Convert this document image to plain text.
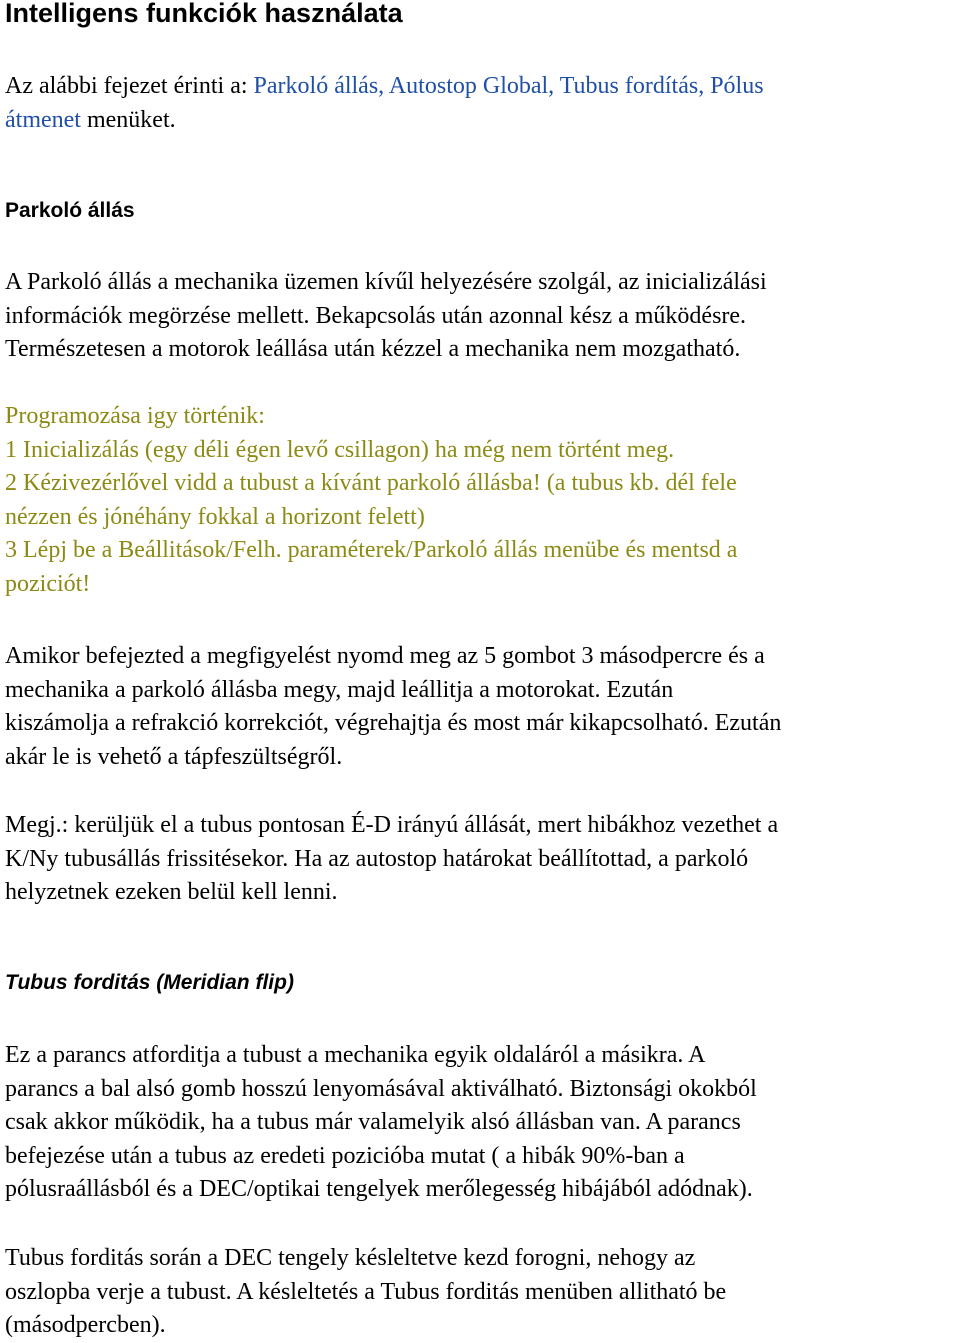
Intelligens funkciók használata
Az alábbi fejezet érinti a: Parkoló állás, Autostop Global, Tubus fordítás, Pólus
átmenet menüket.
Parkoló állás
A Parkoló állás a mechanika üzemen kívűl helyezésére szolgál, az inicializálási
információk megörzése mellett. Bekapcsolás után azonnal kész a működésre.
Természetesen a motorok leállása után kézzel a mechanika nem mozgatható.
Programozása igy történik:
1 Inicializálás (egy déli égen levő csillagon) ha még nem történt meg.
2 Kézivezérlővel vidd a tubust a kívánt parkoló állásba! (a tubus kb. dél fele
nézzen és jónéhány fokkal a horizont felett)
3 Lépj be a Beállitások/Felh. paraméterek/Parkoló állás menübe és mentsd a
poziciót!
Amikor befejezted a megfigyelést nyomd meg az 5 gombot 3 másodpercre és a
mechanika a parkoló állásba megy, majd leállitja a motorokat. Ezután
kiszámolja a refrakció korrekciót, végrehajtja és most már kikapcsolható. Ezután
akár le is vehető a tápfeszültségről.
Megj.: kerüljük el a tubus pontosan É-D irányú állását, mert hibákhoz vezethet a
K/Ny tubusállás frissitésekor. Ha az autostop határokat beállítottad, a parkoló
helyzetnek ezeken belül kell lenni.
Tubus forditás (Meridian flip)
Ez a parancs atforditja a tubust a mechanika egyik oldaláról a másikra. A
parancs a bal alsó gomb hosszú lenyomásával aktiválható. Biztonsági okokból
csak akkor működik, ha a tubus már valamelyik alsó állásban van. A parancs
befejezése után a tubus az eredeti pozicióba mutat ( a hibák 90%-ban a
pólusraállásból és a DEC/optikai tengelyek merőlegesség hibájából adódnak).
Tubus forditás során a DEC tengely késleltetve kezd forogni, nehogy az
oszlopba verje a tubust. A késleltetés a Tubus forditás menüben allitható be
(másodpercben).
